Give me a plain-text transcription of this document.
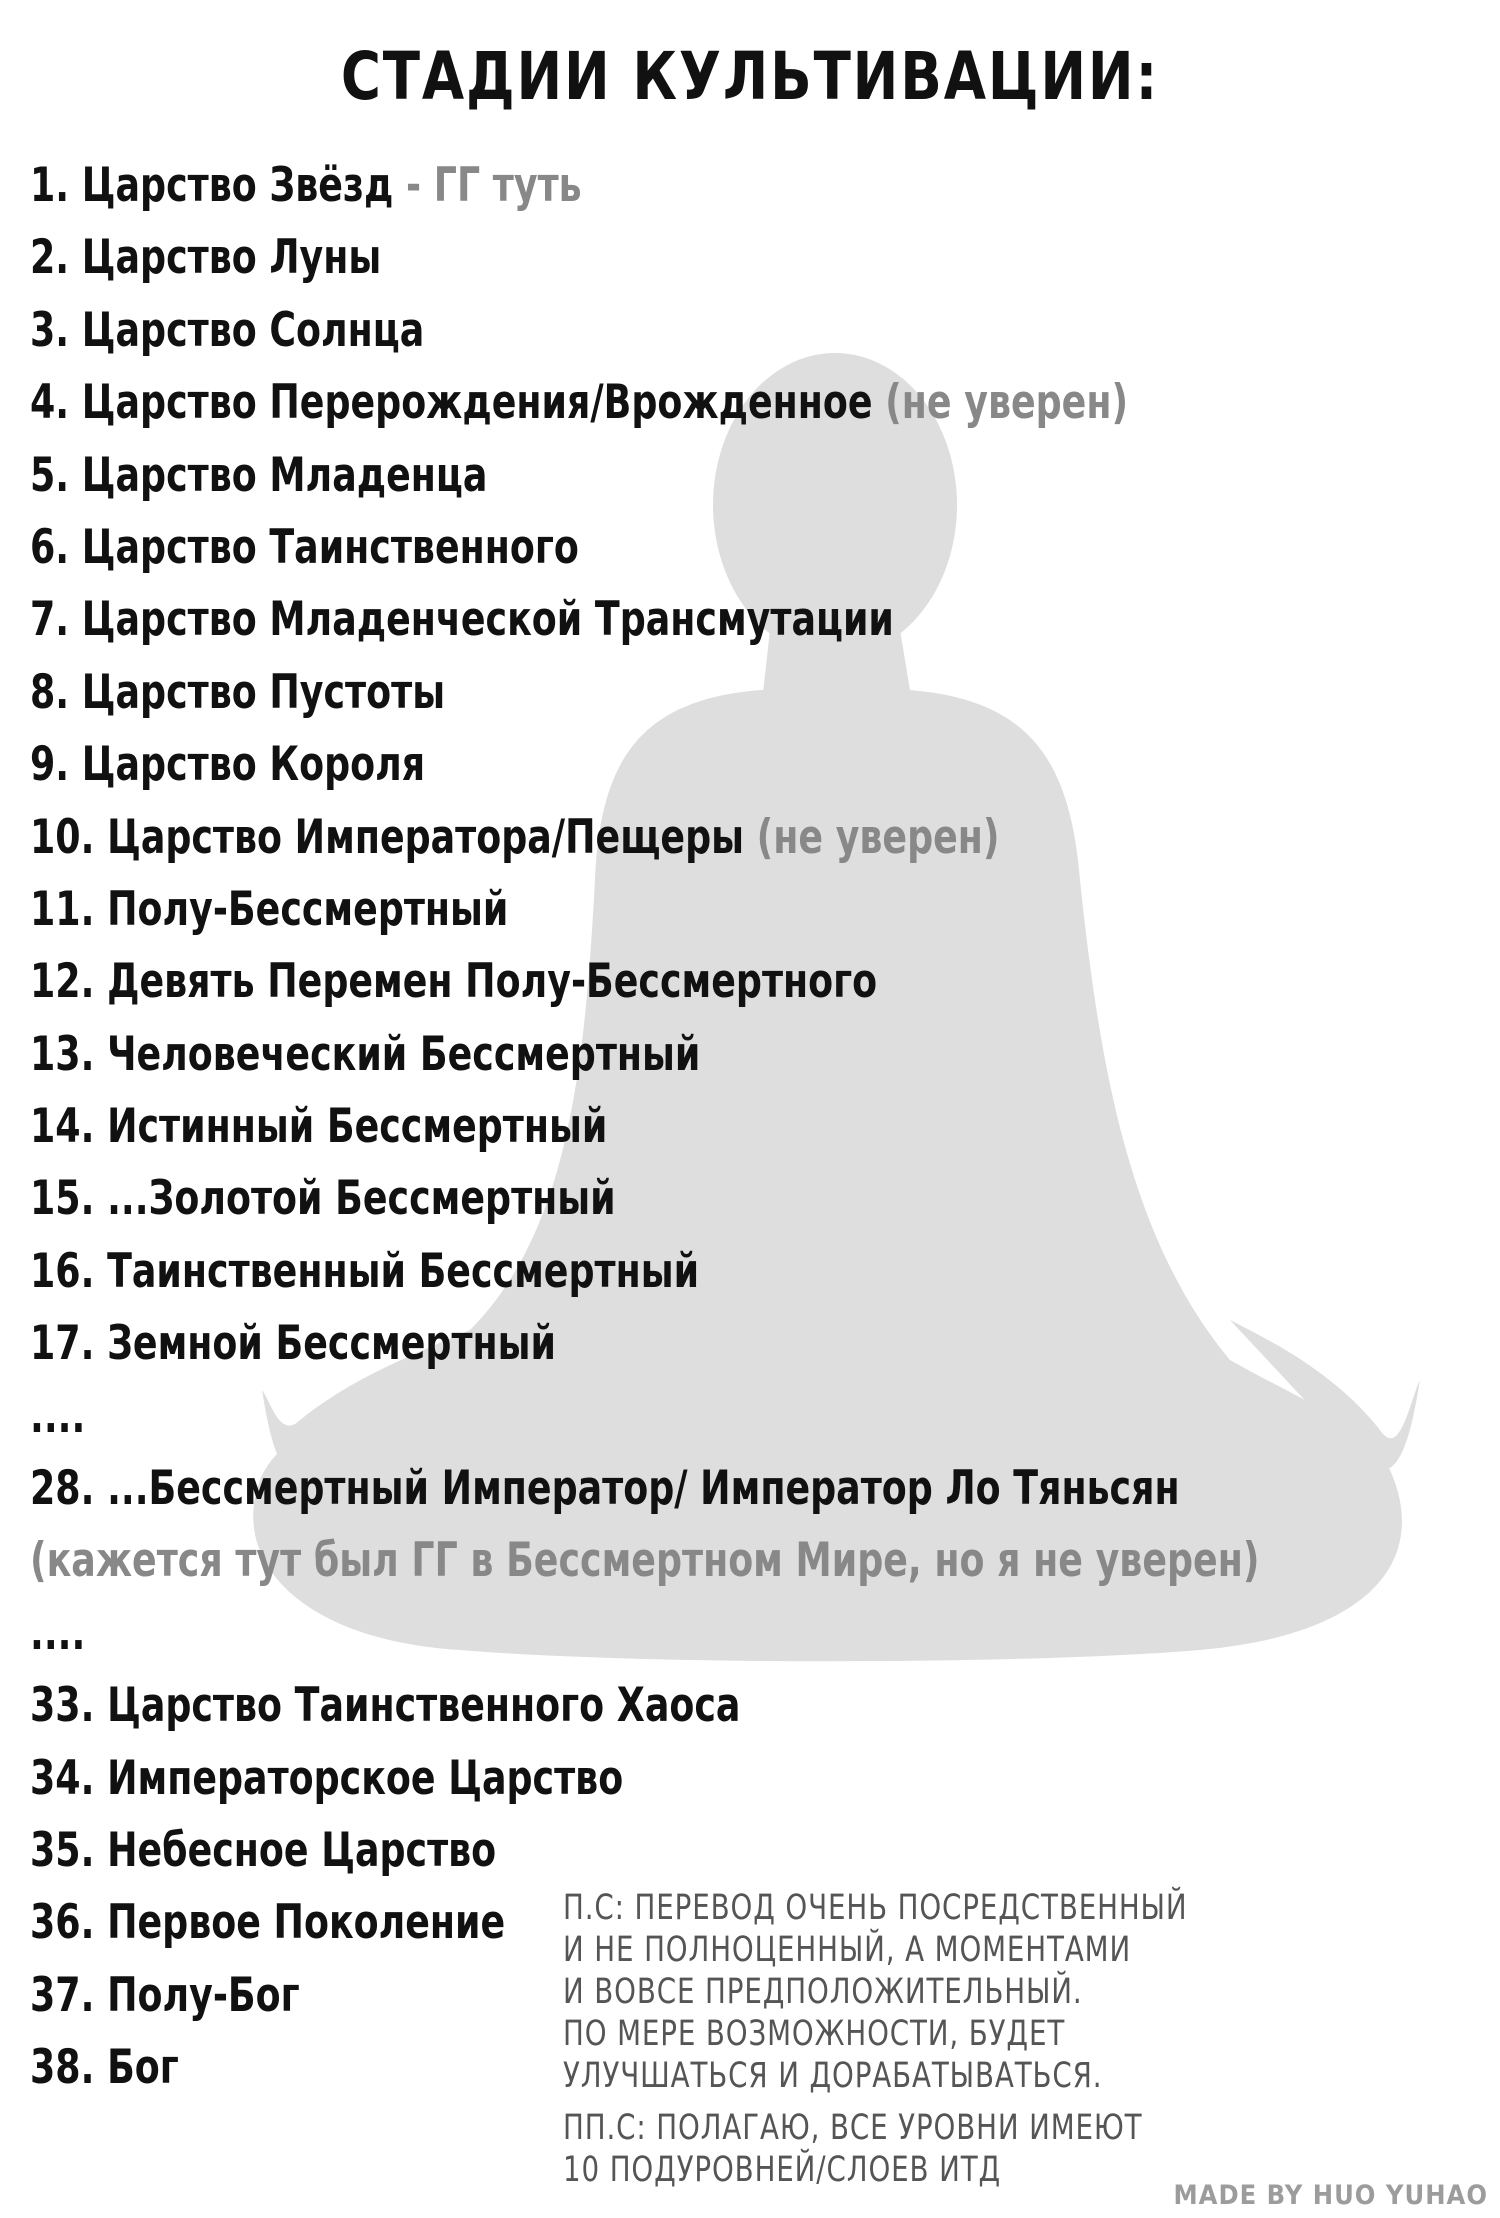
СТАДИИ КУЛЬТИВАЦИИ:
1. Царство Звёзд - ГГ туть
2. Царство Луны
3. Царство Солнца
4. Царство Перерождения/Врожденное (не уверен)
5. Царство Младенца
6. Царство Таинственного
7. Царство Младенческой Трансмутации
8. Царство Пустоты
9. Царство Короля
10. Царство Императора/Пещеры (не уверен)
11. Полу-Бессмертный
12. Девять Перемен Полу-Бессмертного
13. Человеческий Бессмертный
14. Истинный Бессмертный
15. ...Золотой Бессмертный
16. Таинственный Бессмертный
17. Земной Бессмертный
....
28. ...Бессмертный Император/ Император Ло Тяньсян
(кажется тут был ГГ в Бессмертном Мире, но я не уверен)
....
33. Царство Таинственного Хаоса
34. Императорское Царство
35. Небесное Царство
36. Первое Поколение
37. Полу-Бог
38. Бог
П.С: ПЕРЕВОД ОЧЕНЬ ПОСРЕДСТВЕННЫЙ
И НЕ ПОЛНОЦЕННЫЙ, А МОМЕНТАМИ
И ВОВСЕ ПРЕДПОЛОЖИТЕЛЬНЫЙ.
ПО МЕРЕ ВОЗМОЖНОСТИ, БУДЕТ
УЛУЧШАТЬСЯ И ДОРАБАТЫВАТЬСЯ.
ПП.С: ПОЛАГАЮ, ВСЕ УРОВНИ ИМЕЮТ
10 ПОДУРОВНЕЙ/СЛОЕВ ИТД
MADE BY HUO YUHAO
